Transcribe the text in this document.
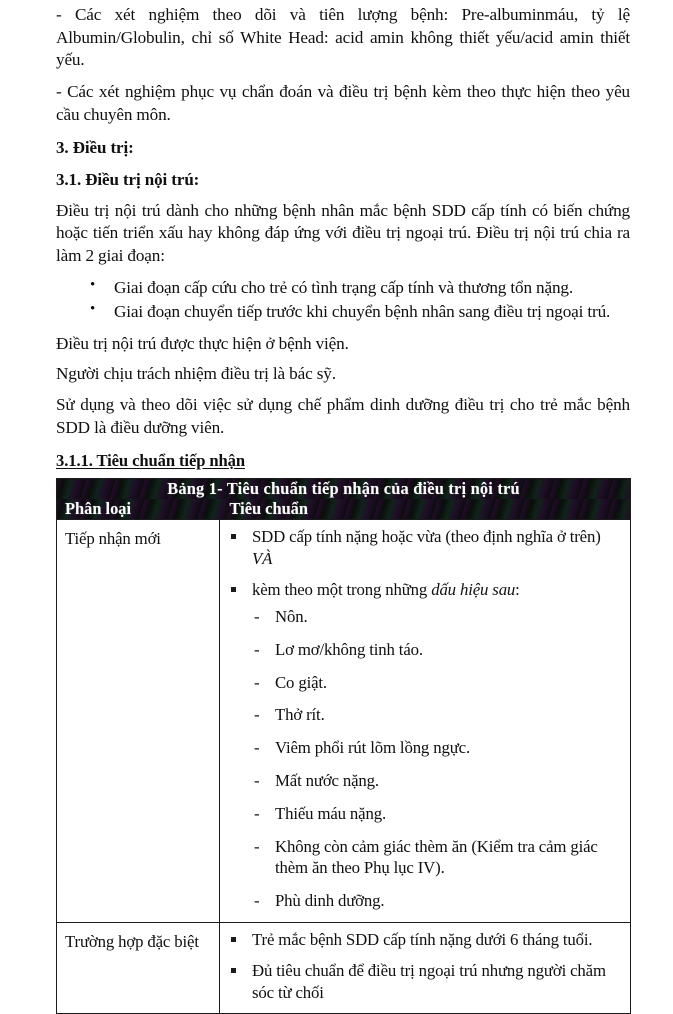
- Các xét nghiệm theo dõi và tiên lượng bệnh: Pre-albuminmáu, tỷ lệ Albumin/Globulin, chỉ số White Head: acid amin không thiết yếu/acid amin thiết yếu.

- Các xét nghiệm phục vụ chẩn đoán và điều trị bệnh kèm theo thực hiện theo yêu cầu chuyên môn.

3. Điều trị:
3.1. Điều trị nội trú:

Điều trị nội trú dành cho những bệnh nhân mắc bệnh SDD cấp tính có biến chứng hoặc tiến triển xấu hay không đáp ứng với điều trị ngoại trú. Điều trị nội trú chia ra làm 2 giai đoạn:

• Giai đoạn cấp cứu cho trẻ có tình trạng cấp tính và thương tổn nặng.
• Giai đoạn chuyển tiếp trước khi chuyển bệnh nhân sang điều trị ngoại trú.

Điều trị nội trú được thực hiện ở bệnh viện.

Người chịu trách nhiệm điều trị là bác sỹ.

Sử dụng và theo dõi việc sử dụng chế phẩm dinh dưỡng điều trị cho trẻ mắc bệnh SDD là điều dưỡng viên.

3.1.1. Tiêu chuẩn tiếp nhận
Bảng 1- Tiêu chuẩn tiếp nhận của điều trị nội trú	
Phân loại	Tiêu chuẩn
Tiếp nhận mới	SDD cấp tính nặng hoặc vừa (theo định nghĩa ở trên)
VÀ
kèm theo một trong những dấu hiệu sau:
- Nôn.
- Lơ mơ/không tinh táo.
- Co giật.
- Thở rít.
- Viêm phổi rút lõm lồng ngực.
- Mất nước nặng.
- Thiếu máu nặng.
- Không còn cảm giác thèm ăn (Kiểm tra cảm giác thèm ăn theo Phụ lục IV).
- Phù dinh dưỡng.

Trường hợp đặc biệt	Trẻ mắc bệnh SDD cấp tính nặng dưới 6 tháng tuổi.
Đủ tiêu chuẩn để điều trị ngoại trú nhưng người chăm sóc từ chối
